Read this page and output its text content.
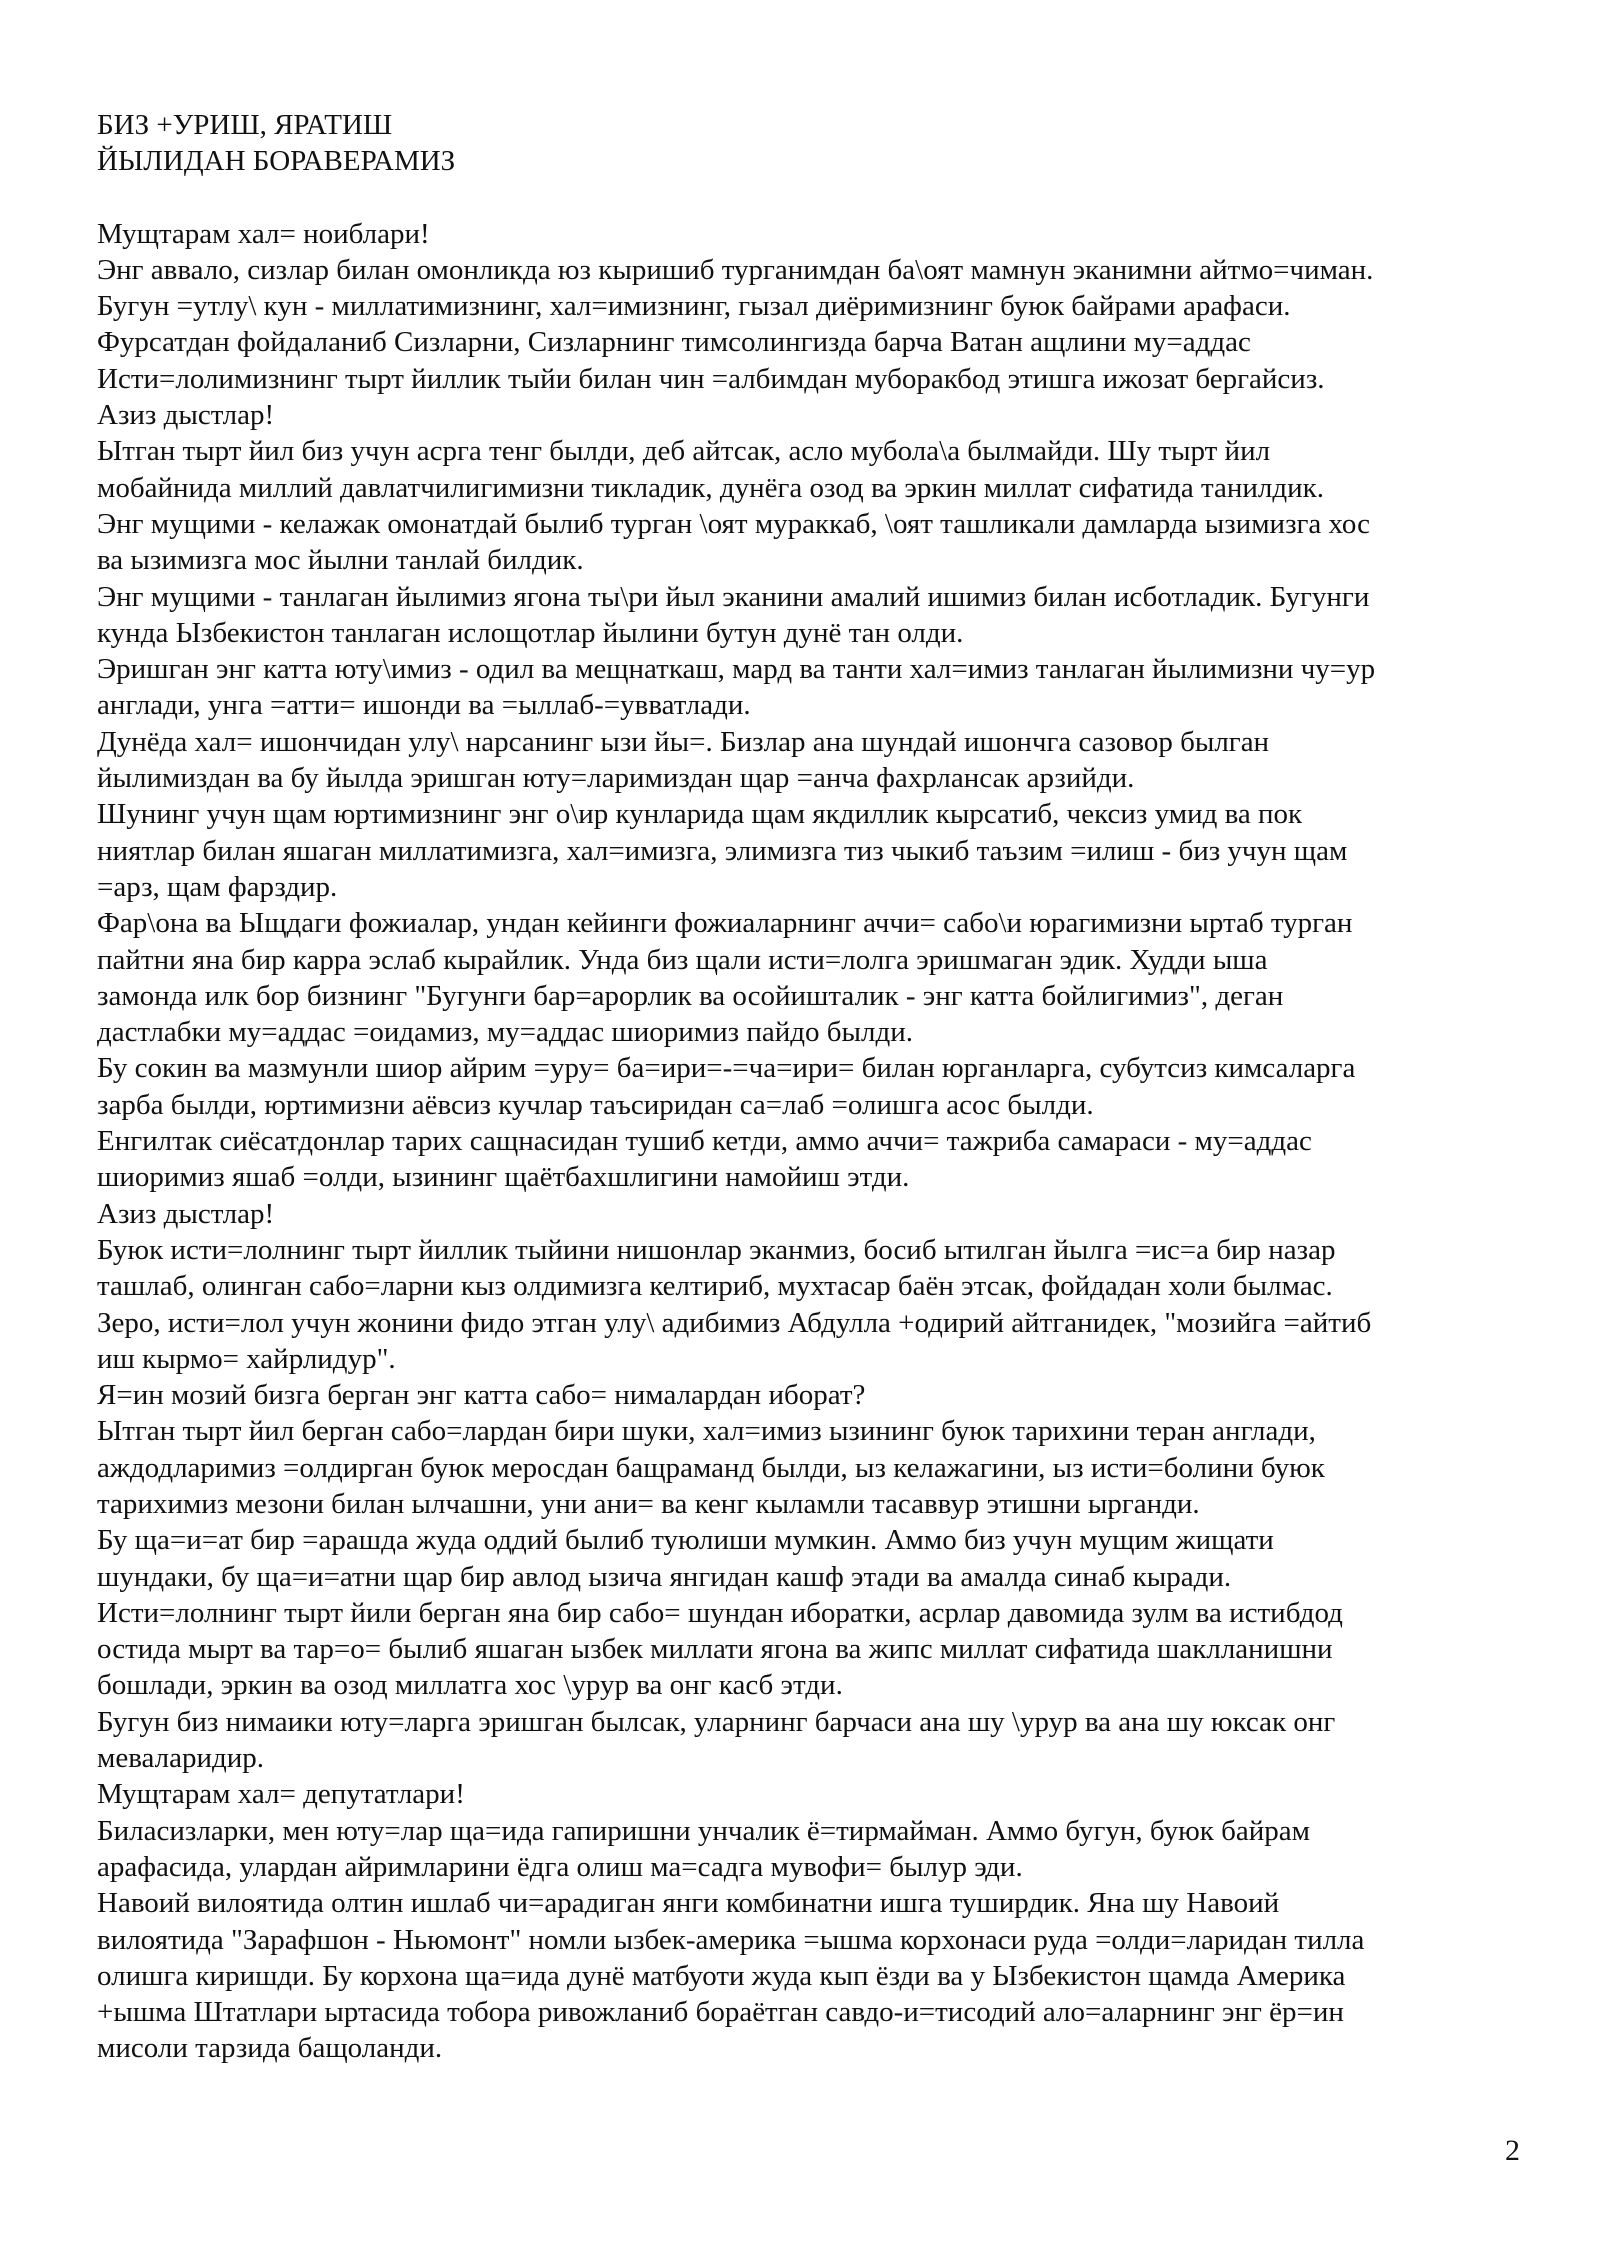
БИЗ +УРИШ, ЯРАТИШ
ЙЫЛИДАН БОРАВЕРАМИЗ
Мущтарам хал= ноиблари!
Энг аввало, сизлар билан омонликда юз кыришиб турганимдан ба\оят мамнун эканимни айтмо=чиман.
Бугун =утлу\ кун - миллатимизнинг, хал=имизнинг, гызал диёримизнинг буюк байрами арафаси.
Фурсатдан фойдаланиб Сизларни, Сизларнинг тимсолингизда барча Ватан ащлини му=аддас
Исти=лолимизнинг тырт йиллик тыйи билан чин =албимдан муборакбод этишга ижозат бергайсиз.
Азиз дыстлар!
Ытган тырт йил биз учун асрга тенг былди, деб айтсак, асло мубола\а былмайди. Шу тырт йил
мобайнида миллий давлатчилигимизни тикладик, дунёга озод ва эркин миллат сифатида танилдик.
Энг мущими - келажак омонатдай былиб турган \оят мураккаб, \оят ташликали дамларда ызимизга хос
ва ызимизга мос йылни танлай билдик.
Энг мущими - танлаган йылимиз ягона ты\ри йыл эканини амалий ишимиз билан исботладик. Бугунги
кунда Ызбекистон танлаган ислощотлар йылини бутун дунё тан олди.
Эришган энг катта юту\имиз - одил ва мещнаткаш, мард ва танти хал=имиз танлаган йылимизни чу=ур
англади, унга =атти= ишонди ва =ыллаб-=увватлади.
Дунёда хал= ишончидан улу\ нарсанинг ызи йы=. Бизлар ана шундай ишончга сазовор былган
йылимиздан ва бу йылда эришган юту=ларимиздан щар =анча фахрлансак арзийди.
Шунинг учун щам юртимизнинг энг о\ир кунларида щам якдиллик кырсатиб, чексиз умид ва пок
ниятлар билан яшаган миллатимизга, хал=имизга, элимизга тиз чыкиб таъзим =илиш - биз учун щам
=арз, щам фарздир.
Фар\она ва Ыщдаги фожиалар, ундан кейинги фожиаларнинг аччи= сабо\и юрагимизни ыртаб турган
пайтни яна бир карра эслаб кырайлик. Унда биз щали исти=лолга эришмаган эдик. Худди ыша
замонда илк бор бизнинг "Бугунги бар=арорлик ва осойишталик - энг катта бойлигимиз", деган
дастлабки му=аддас =оидамиз, му=аддас шиоримиз пайдо былди.
Бу сокин ва мазмунли шиор айрим =уру= ба=ири=-=ча=ири= билан юрганларга, субутсиз кимсаларга
зарба былди, юртимизни аёвсиз кучлар таъсиридан са=лаб =олишга асос былди.
Енгилтак сиёсатдонлар тарих сащнасидан тушиб кетди, аммо аччи= тажриба самараси - му=аддас
шиоримиз яшаб =олди, ызининг щаётбахшлигини намойиш этди.
Азиз дыстлар!
Буюк исти=лолнинг тырт йиллик тыйини нишонлар эканмиз, босиб ытилган йылга =ис=а бир назар
ташлаб, олинган сабо=ларни кыз олдимизга келтириб, мухтасар баён этсак, фойдадан холи былмас.
Зеро, исти=лол учун жонини фидо этган улу\ адибимиз Абдулла +одирий айтганидек, "мозийга =айтиб
иш кырмо= хайрлидур".
Я=ин мозий бизга берган энг катта сабо= нималардан иборат?
Ытган тырт йил берган сабо=лардан бири шуки, хал=имиз ызининг буюк тарихини теран англади,
аждодларимиз =олдирган буюк меросдан бащраманд былди, ыз келажагини, ыз исти=болини буюк
тарихимиз мезони билан ылчашни, уни ани= ва кенг кыламли тасаввур этишни ырганди.
Бу ща=и=ат бир =арашда жуда оддий былиб туюлиши мумкин. Аммо биз учун мущим жищати
шундаки, бу ща=и=атни щар бир авлод ызича янгидан кашф этади ва амалда синаб кыради.
Исти=лолнинг тырт йили берган яна бир сабо= шундан иборатки, асрлар давомида зулм ва истибдод
остида мырт ва тар=о= былиб яшаган ызбек миллати ягона ва жипс миллат сифатида шаклланишни
бошлади, эркин ва озод миллатга хос \урур ва онг касб этди.
Бугун биз нимаики юту=ларга эришган былсак, уларнинг барчаси ана шу \урур ва ана шу юксак онг
меваларидир.
Мущтарам хал= депутатлари!
Биласизларки, мен юту=лар ща=ида гапиришни унчалик ё=тирмайман. Аммо бугун, буюк байрам
арафасида, улардан айримларини ёдга олиш ма=садга мувофи= былур эди.
Навоий вилоятида олтин ишлаб чи=арадиган янги комбинатни ишга туширдик. Яна шу Навоий
вилоятида "Зарафшон - Ньюмонт" номли ызбек-америка =ышма корхонаси руда =олди=ларидан тилла
олишга киришди. Бу корхона ща=ида дунё матбуоти жуда кып ёзди ва у Ызбекистон щамда Америка
+ышма Штатлари ыртасида тобора ривожланиб бораётган савдо-и=тисодий ало=аларнинг энг ёр=ин
мисоли тарзида бащоланди.
2
